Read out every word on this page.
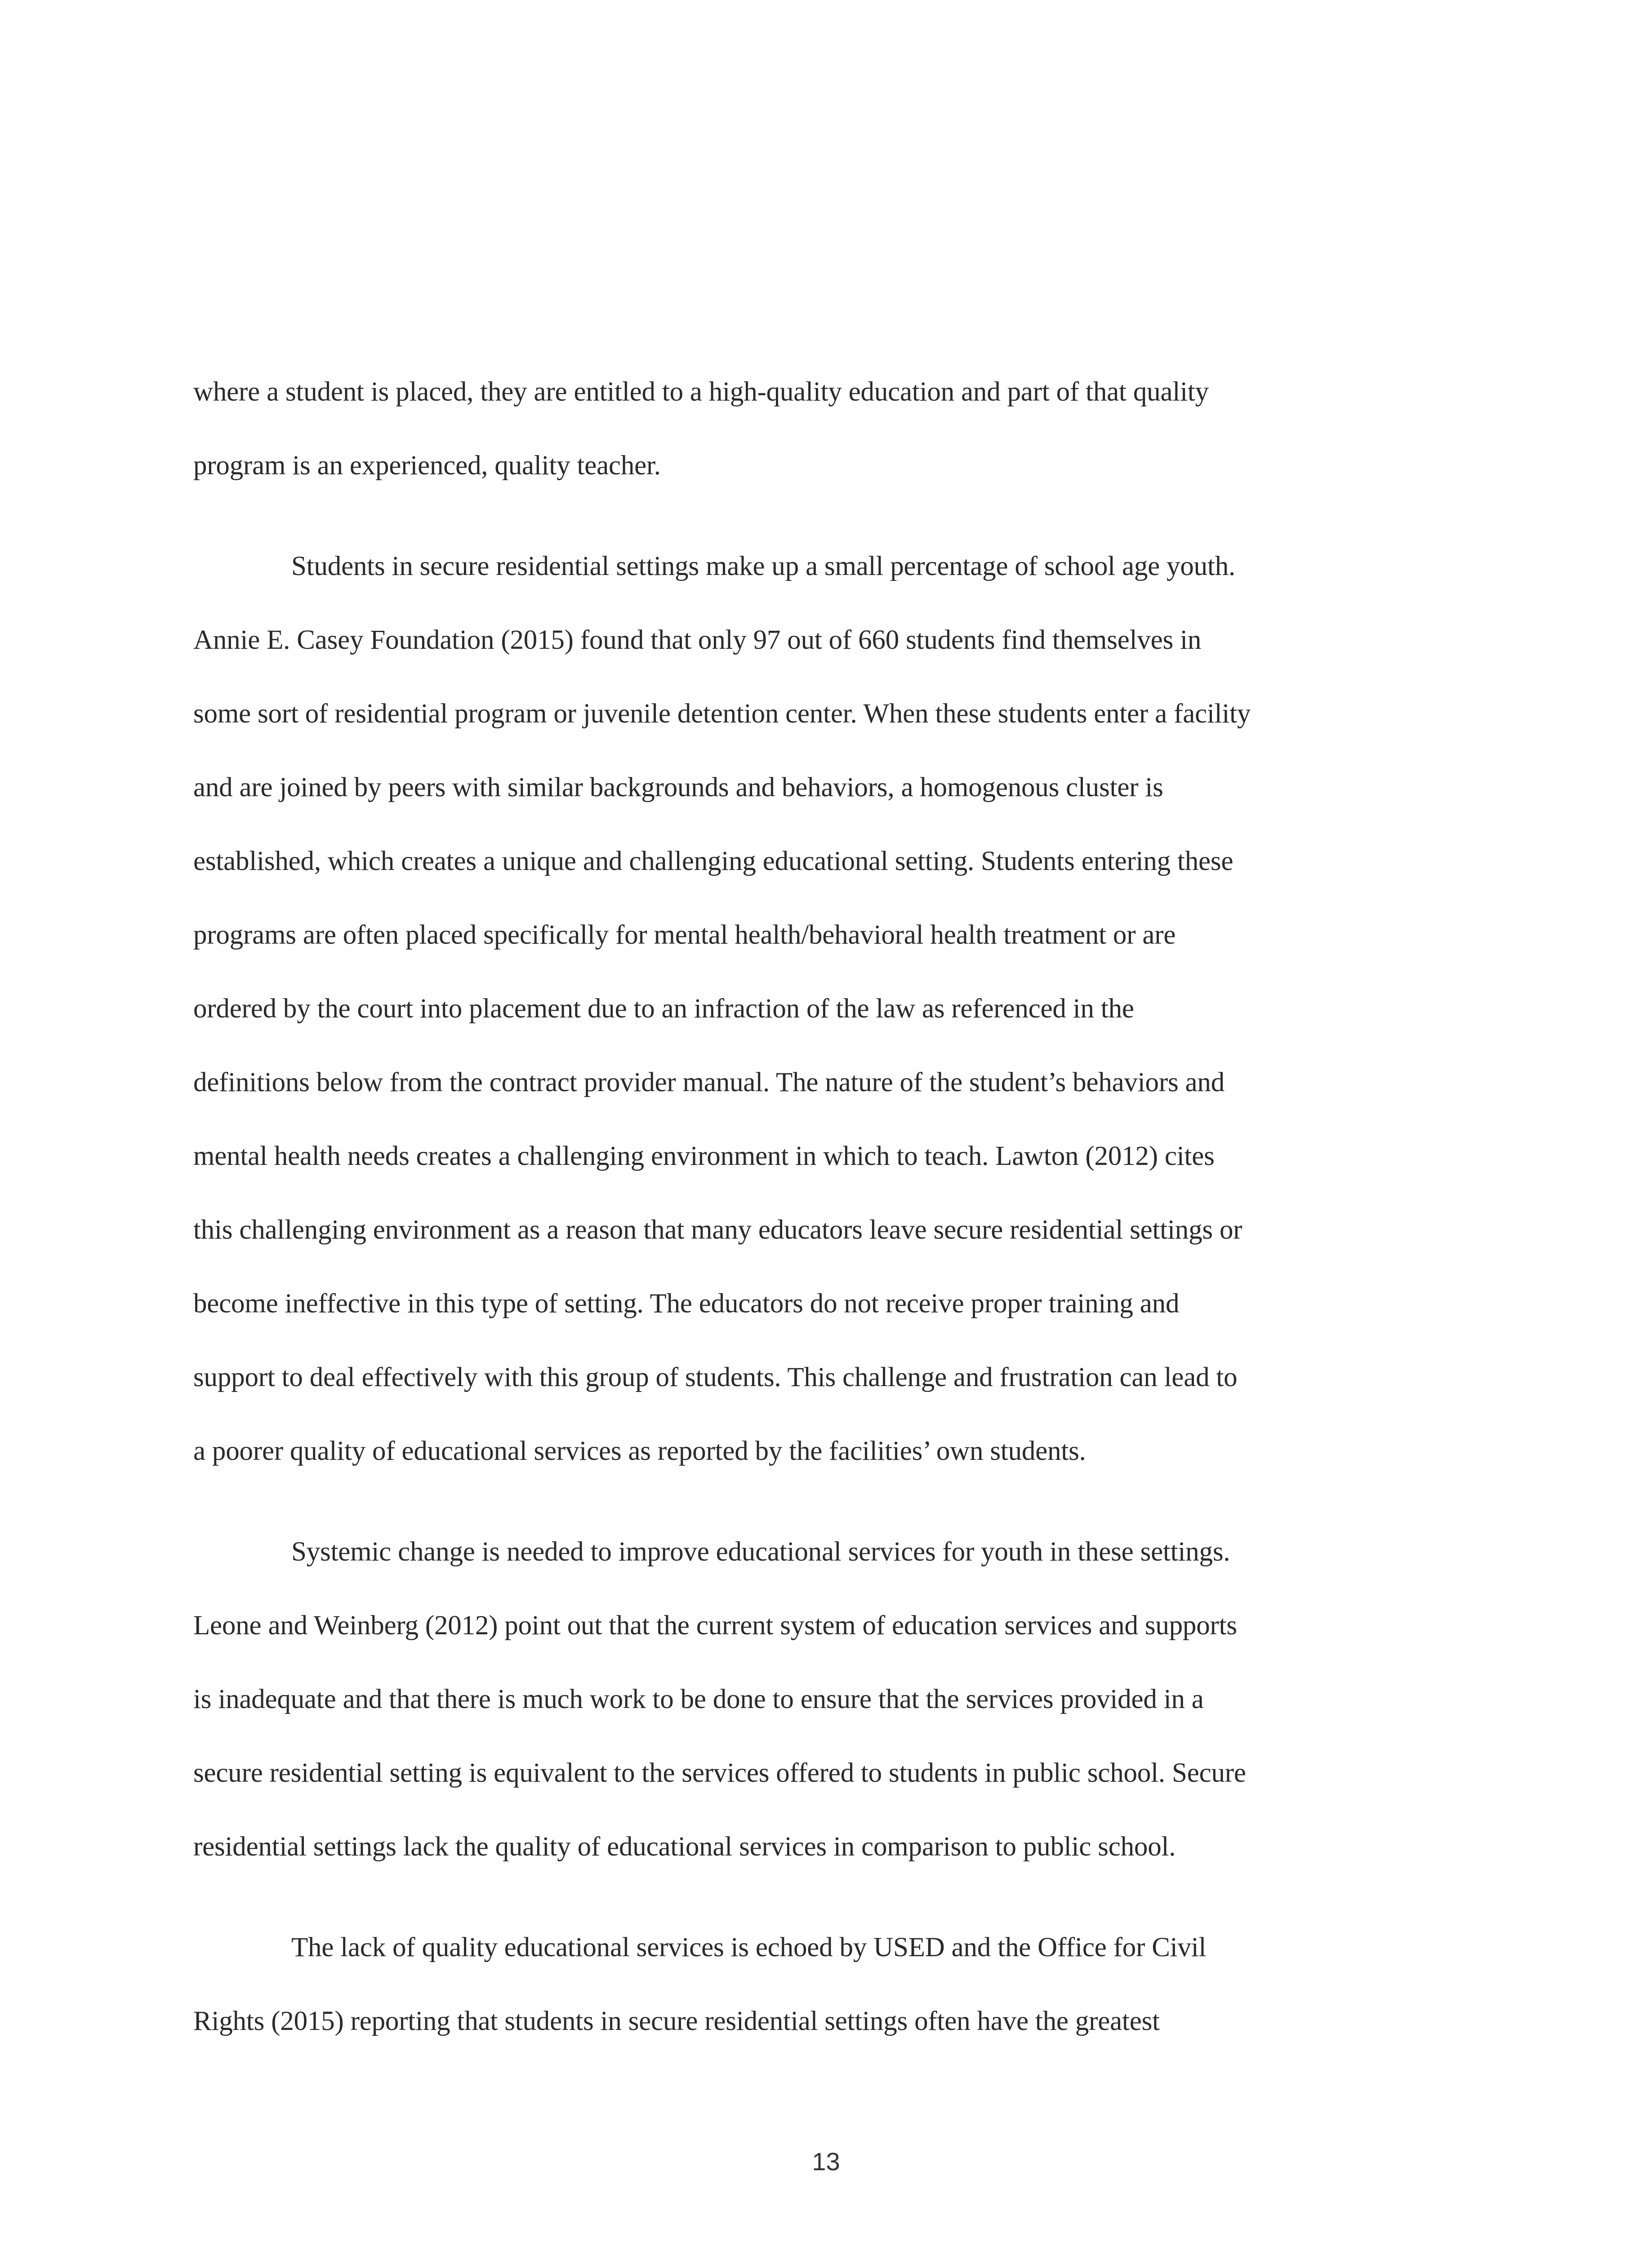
where a student is placed, they are entitled to a high-quality education and part of that quality
program is an experienced, quality teacher.

Students in secure residential settings make up a small percentage of school age youth.
Annie E. Casey Foundation (2015) found that only 97 out of 660 students find themselves in
some sort of residential program or juvenile detention center. When these students enter a facility
and are joined by peers with similar backgrounds and behaviors, a homogenous cluster is
established, which creates a unique and challenging educational setting. Students entering these
programs are often placed specifically for mental health/behavioral health treatment or are
ordered by the court into placement due to an infraction of the law as referenced in the
definitions below from the contract provider manual. The nature of the student’s behaviors and
mental health needs creates a challenging environment in which to teach. Lawton (2012) cites
this challenging environment as a reason that many educators leave secure residential settings or
become ineffective in this type of setting. The educators do not receive proper training and
support to deal effectively with this group of students. This challenge and frustration can lead to
a poorer quality of educational services as reported by the facilities’ own students.

Systemic change is needed to improve educational services for youth in these settings.
Leone and Weinberg (2012) point out that the current system of education services and supports
is inadequate and that there is much work to be done to ensure that the services provided in a
secure residential setting is equivalent to the services offered to students in public school. Secure
residential settings lack the quality of educational services in comparison to public school.

The lack of quality educational services is echoed by USED and the Office for Civil
Rights (2015) reporting that students in secure residential settings often have the greatest

13
